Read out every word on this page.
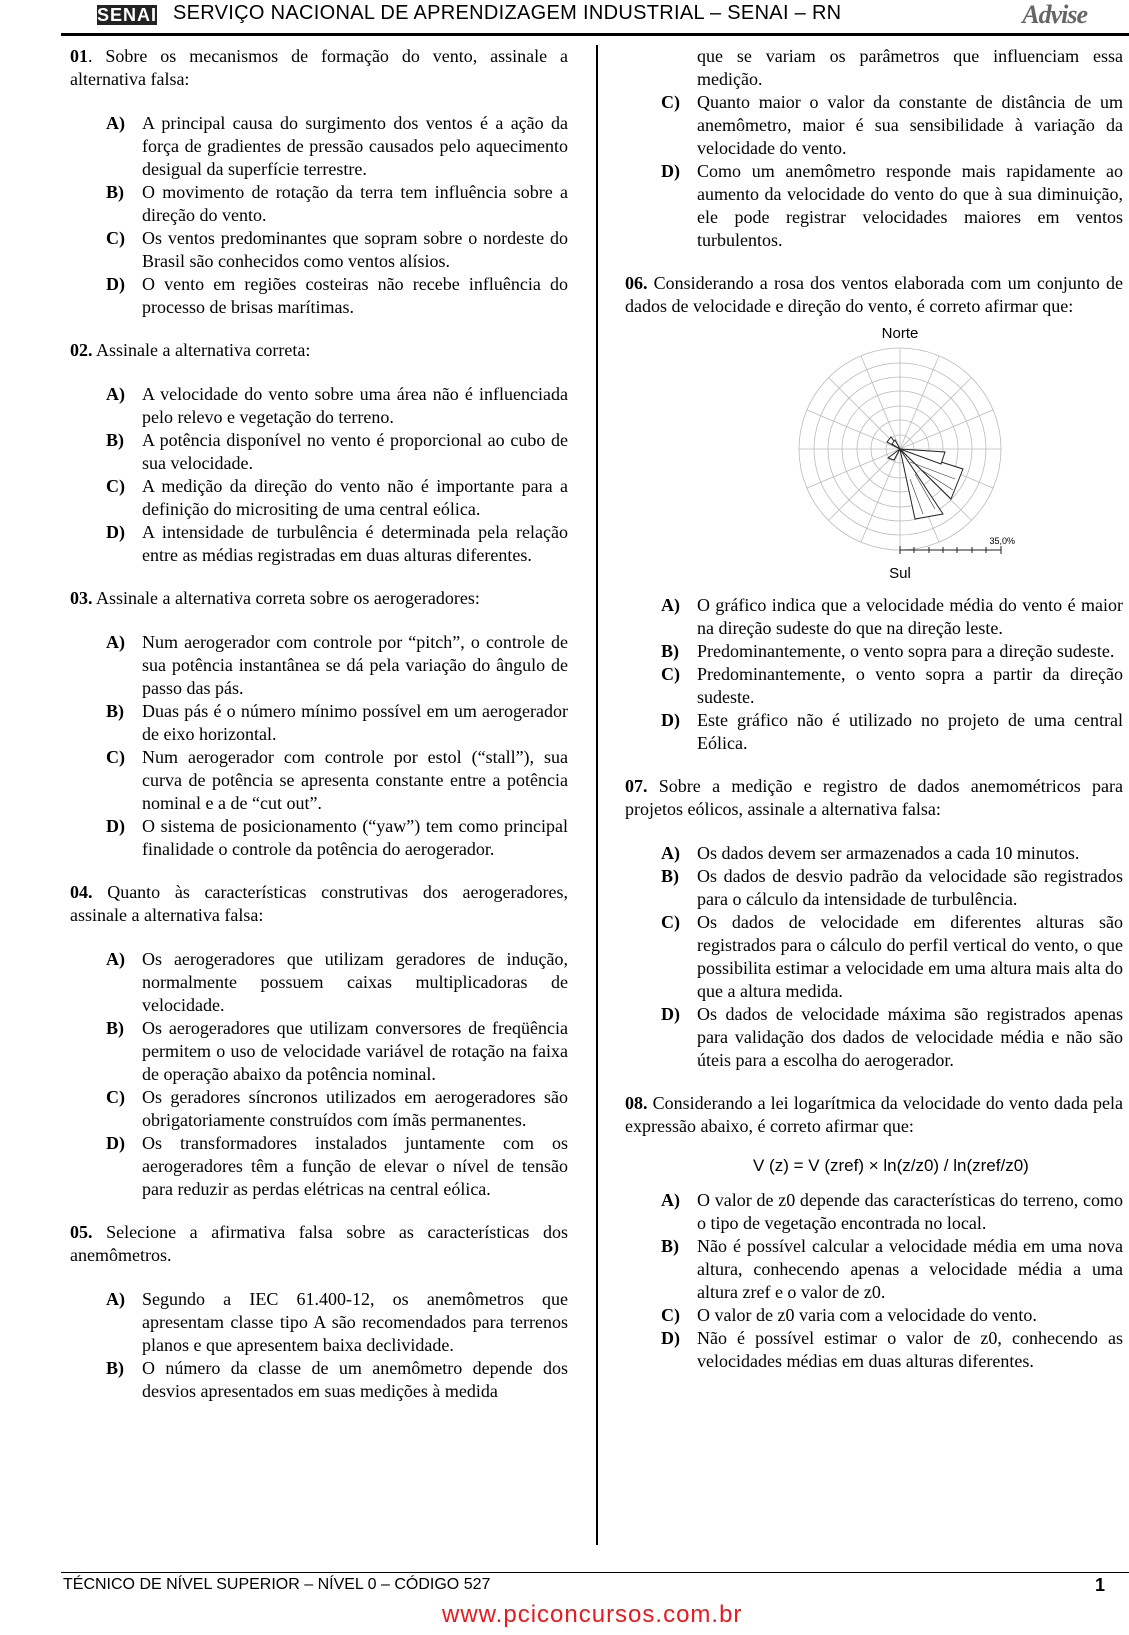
SENAI SERVIÇO NACIONAL DE APRENDIZAGEM INDUSTRIAL – SENAI – RN	Advise
01. Sobre os mecanismos de formação do vento, assinale a alternativa falsa:
A) A principal causa do surgimento dos ventos é a ação da força de gradientes de pressão causados pelo aquecimento desigual da superfície terrestre.
B)	O movimento de rotação da terra tem influência sobre a direção do vento.
C) Os ventos predominantes que sopram sobre o nordeste do Brasil são conhecidos como ventos alísios.
D) O vento em regiões costeiras não recebe influência do processo de brisas marítimas.
02. Assinale a alternativa correta:
A) A velocidade do vento sobre uma área não é influenciada pelo relevo e vegetação do terreno.
B)	A potência disponível no vento é proporcional ao cubo de sua velocidade.
C) A medição da direção do vento não é importante para a definição do micrositing de uma central eólica.
D) A intensidade de turbulência é determinada pela relação entre as médias registradas em duas alturas diferentes.
03. Assinale a alternativa correta sobre os aerogeradores:
A) Num aerogerador com controle por “pitch”, o controle de sua potência instantânea se dá pela variação do ângulo de passo das pás.
B)	Duas pás é o número mínimo possível em um aerogerador de eixo horizontal.
C) Num aerogerador com controle por estol (“stall”), sua curva de potência se apresenta constante entre a potência nominal e a de “cut out”.
D) O sistema de posicionamento (“yaw”) tem como principal finalidade o controle da potência do aerogerador.
04. Quanto às características construtivas dos aerogeradores, assinale a alternativa falsa:
A) Os aerogeradores que utilizam geradores de indução, normalmente possuem caixas multiplicadoras de velocidade.
B)	Os aerogeradores que utilizam conversores de freqüência permitem o uso de velocidade variável de rotação na faixa de operação abaixo da potência nominal.
C) Os geradores síncronos utilizados em aerogeradores são obrigatoriamente construídos com ímãs permanentes.
D) Os transformadores instalados juntamente com os aerogeradores têm a função de elevar o nível de tensão para reduzir as perdas elétricas na central eólica.
05. Selecione a afirmativa falsa sobre as características dos anemômetros.
A) Segundo a IEC 61.400-12, os anemômetros que apresentam classe tipo A são recomendados para terrenos planos e que apresentem baixa declividade.
B)	O número da classe de um anemômetro depende dos desvios apresentados em suas medições à medida
que se variam os parâmetros que influenciam essa medição.
C) Quanto maior o valor da constante de distância de um anemômetro, maior é sua sensibilidade à variação da velocidade do vento.
D) Como um anemômetro responde mais rapidamente ao aumento da velocidade do vento do que à sua diminuição, ele pode registrar velocidades maiores em ventos turbulentos.
06. Considerando a rosa dos ventos elaborada com um conjunto de dados de velocidade e direção do vento, é correto afirmar que:
Norte
Sul
35,0%
A) O gráfico indica que a velocidade média do vento é maior na direção sudeste do que na direção leste.
B)	Predominantemente, o vento sopra para a direção sudeste.
C) Predominantemente, o vento sopra a partir da direção sudeste.
D) Este gráfico não é utilizado no projeto de uma central Eólica.
07. Sobre a medição e registro de dados anemométricos para projetos eólicos, assinale a alternativa falsa:
A) Os dados devem ser armazenados a cada 10 minutos.
B)	Os dados de desvio padrão da velocidade são registrados para o cálculo da intensidade de turbulência.
C) Os dados de velocidade em diferentes alturas são registrados para o cálculo do perfil vertical do vento, o que possibilita estimar a velocidade em uma altura mais alta do que a altura medida.
D) Os dados de velocidade máxima são registrados apenas para validação dos dados de velocidade média e não são úteis para a escolha do aerogerador.
08. Considerando a lei logarítmica da velocidade do vento dada pela expressão abaixo, é correto afirmar que:
V (z) = V (zref) × ln(z/z0) / ln(zref/z0)
A) O valor de z0 depende das características do terreno, como o tipo de vegetação encontrada no local.
B)	Não é possível calcular a velocidade média em uma nova altura, conhecendo apenas a velocidade média a uma altura zref e o valor de z0.
C) O valor de z0 varia com a velocidade do vento.
D) Não é possível estimar o valor de z0, conhecendo as velocidades médias em duas alturas diferentes.
TÉCNICO DE NÍVEL SUPERIOR – NÍVEL 0 – CÓDIGO 527	1
www.pciconcursos.com.br
